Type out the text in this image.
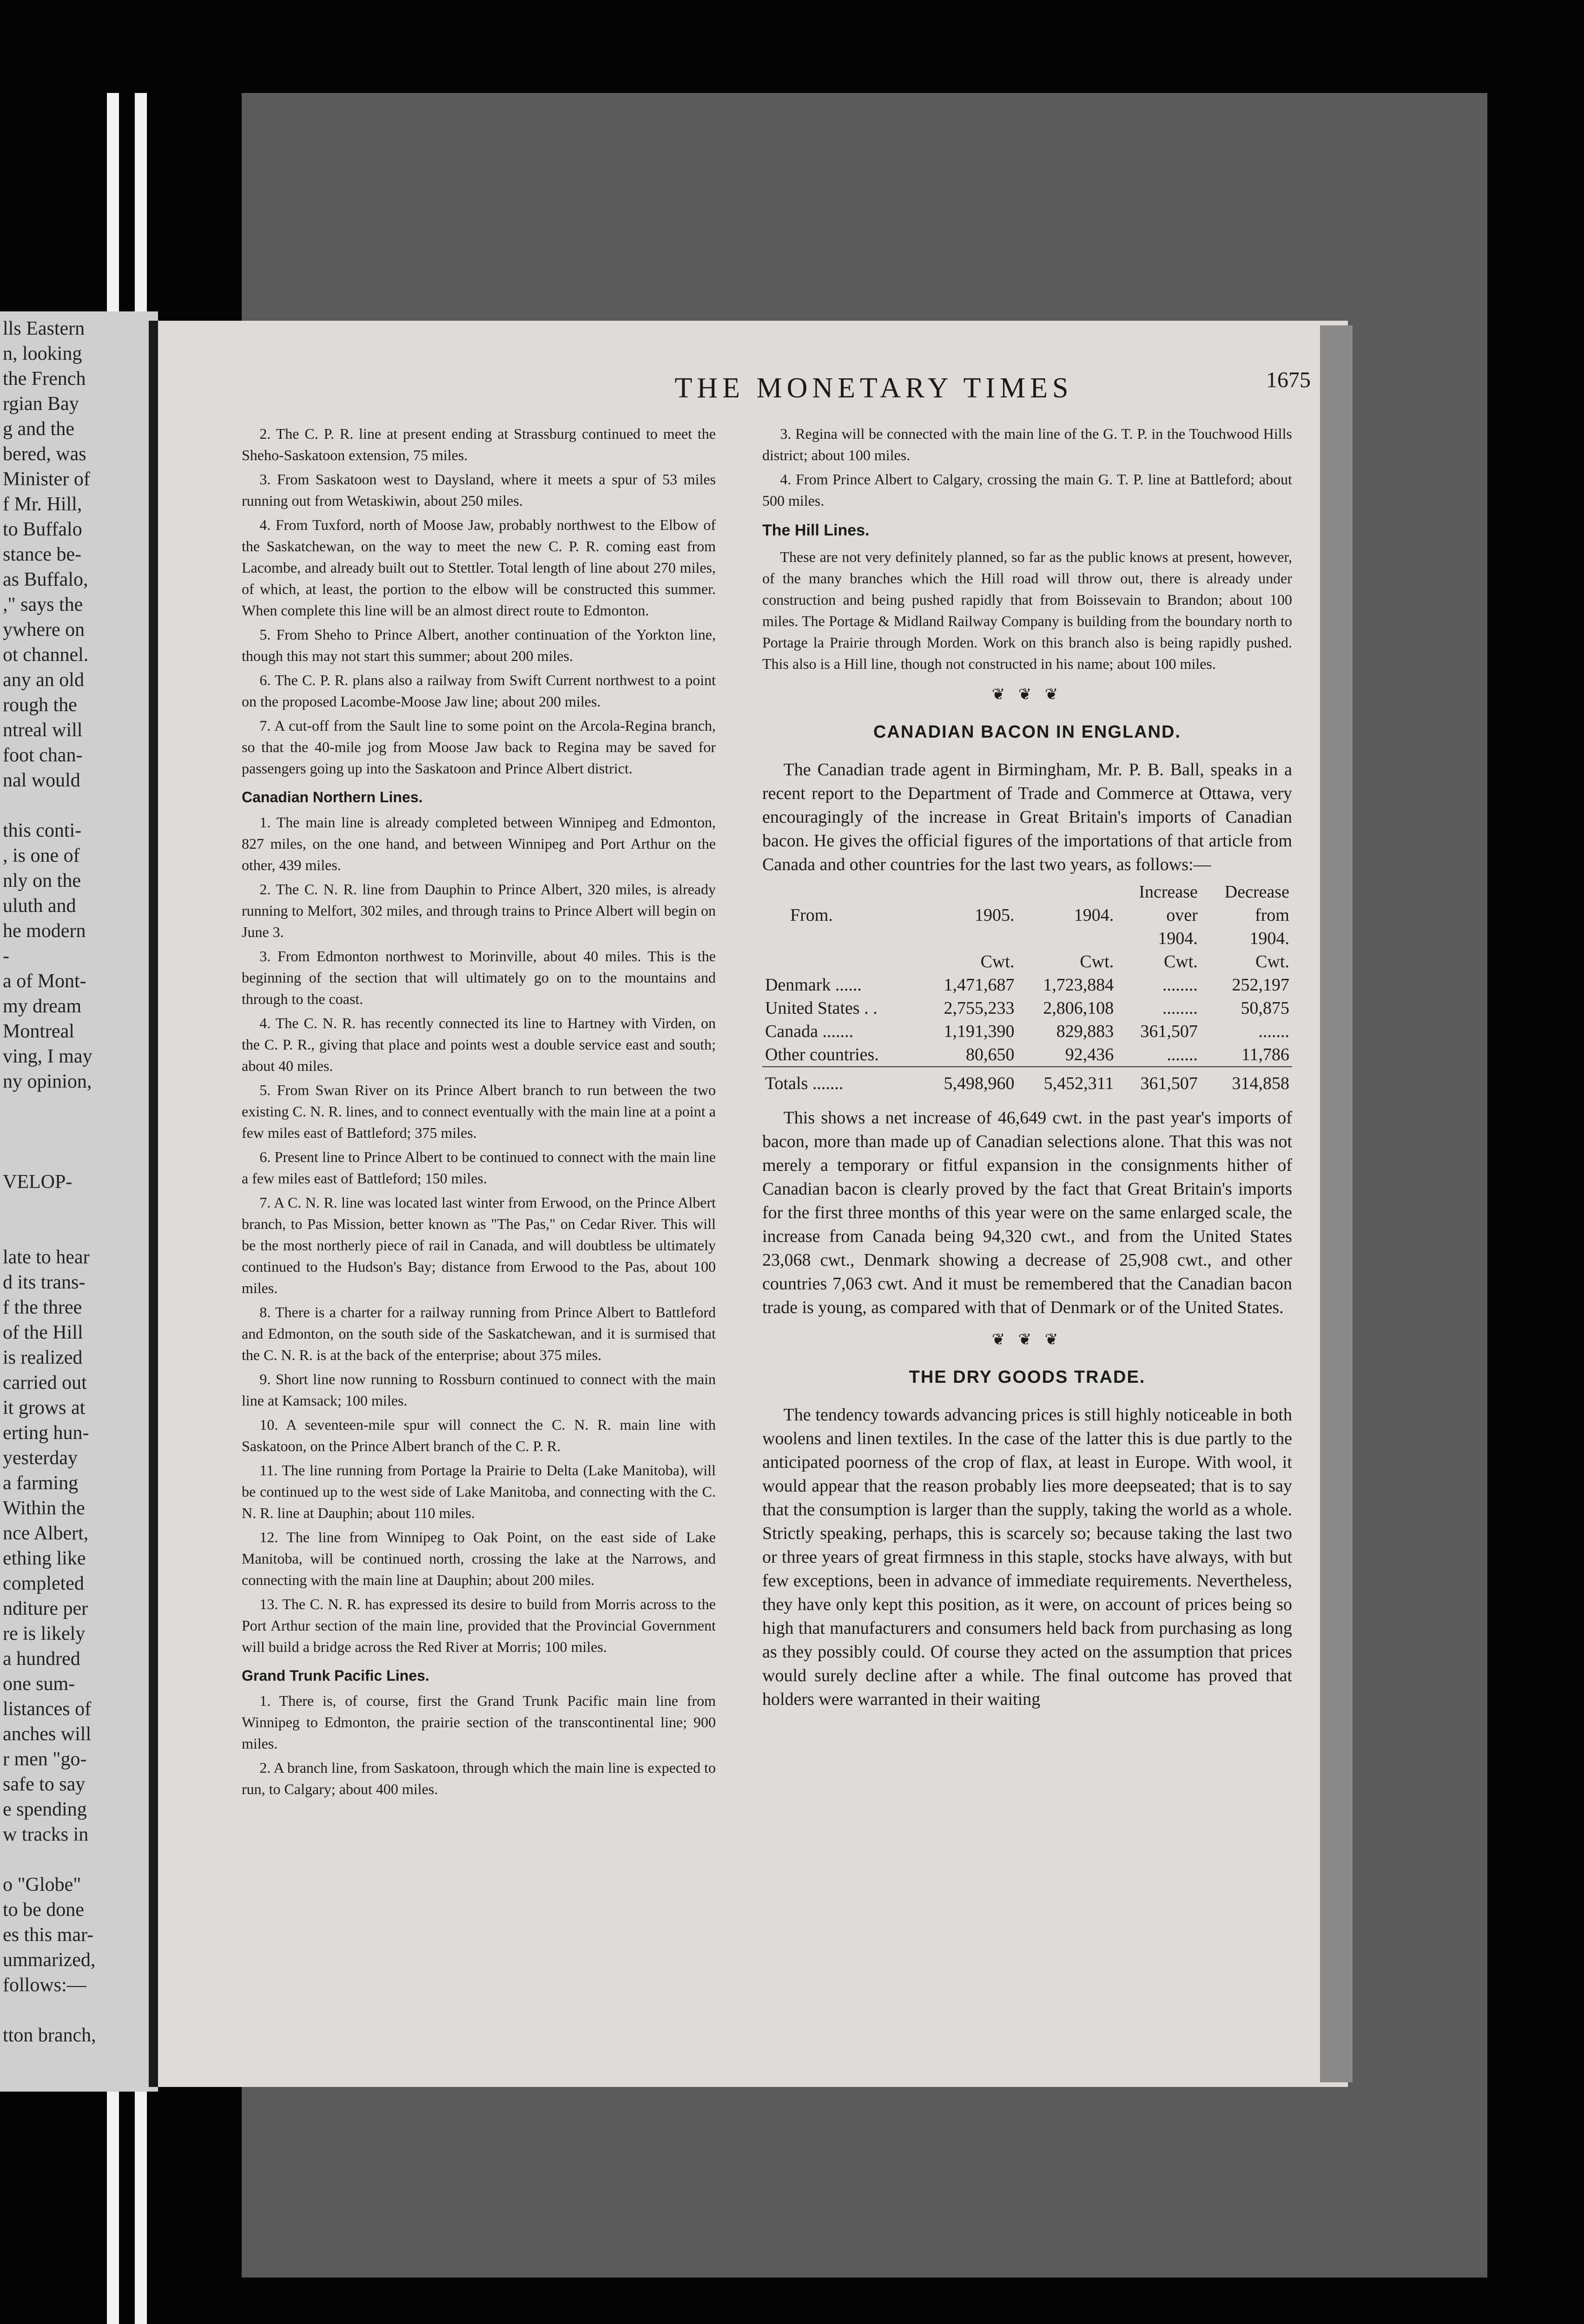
lls Eastern
n, looking
the French
rgian Bay
g and the
bered, was
Minister of
f Mr. Hill,
to Buffalo
stance be-
as Buffalo,
," says the
ywhere on
ot channel.
any an old
rough the
ntreal will
foot chan-
nal would
this conti-
, is one of
nly on the
uluth and
he modern
-
a of Mont-
my dream
Montreal
ving, I may
ny opinion,
VELOP-
late to hear
d its trans-
f the three
of the Hill
is realized
carried out
it grows at
erting hun-
yesterday
a farming
Within the
nce Albert,
ething like
completed
nditure per
re is likely
a hundred
one sum-
listances of
anches will
r men "go-
safe to say
e spending
w tracks in
o "Globe"
to be done
es this mar-
ummarized,
follows:—
tton branch,
THE MONETARY TIMES	1675

2. The C. P. R. line at present ending at Strassburg continued to meet the Sheho-Saskatoon extension, 75 miles.

3. From Saskatoon west to Daysland, where it meets a spur of 53 miles running out from Wetaskiwin, about 250 miles.

4. From Tuxford, north of Moose Jaw, probably northwest to the Elbow of the Saskatchewan, on the way to meet the new C. P. R. coming east from Lacombe, and already built out to Stettler. Total length of line about 270 miles, of which, at least, the portion to the elbow will be constructed this summer. When complete this line will be an almost direct route to Edmonton.

5. From Sheho to Prince Albert, another continuation of the Yorkton line, though this may not start this summer; about 200 miles.

6. The C. P. R. plans also a railway from Swift Current northwest to a point on the proposed Lacombe-Moose Jaw line; about 200 miles.

7. A cut-off from the Sault line to some point on the Arcola-Regina branch, so that the 40-mile jog from Moose Jaw back to Regina may be saved for passengers going up into the Saskatoon and Prince Albert district.

Canadian Northern Lines.

1. The main line is already completed between Winnipeg and Edmonton, 827 miles, on the one hand, and between Winnipeg and Port Arthur on the other, 439 miles.

2. The C. N. R. line from Dauphin to Prince Albert, 320 miles, is already running to Melfort, 302 miles, and through trains to Prince Albert will begin on June 3.

3. From Edmonton northwest to Morinville, about 40 miles. This is the beginning of the section that will ultimately go on to the mountains and through to the coast.

4. The C. N. R. has recently connected its line to Hartney with Virden, on the C. P. R., giving that place and points west a double service east and south; about 40 miles.

5. From Swan River on its Prince Albert branch to run between the two existing C. N. R. lines, and to connect eventually with the main line at a point a few miles east of Battleford; 375 miles.

6. Present line to Prince Albert to be continued to connect with the main line a few miles east of Battleford; 150 miles.

7. A C. N. R. line was located last winter from Erwood, on the Prince Albert branch, to Pas Mission, better known as "The Pas," on Cedar River. This will be the most northerly piece of rail in Canada, and will doubtless be ultimately continued to the Hudson's Bay; distance from Erwood to the Pas, about 100 miles.

8. There is a charter for a railway running from Prince Albert to Battleford and Edmonton, on the south side of the Saskatchewan, and it is surmised that the C. N. R. is at the back of the enterprise; about 375 miles.

9. Short line now running to Rossburn continued to connect with the main line at Kamsack; 100 miles.

10. A seventeen-mile spur will connect the C. N. R. main line with Saskatoon, on the Prince Albert branch of the C. P. R.

11. The line running from Portage la Prairie to Delta (Lake Manitoba), will be continued up to the west side of Lake Manitoba, and connecting with the C. N. R. line at Dauphin; about 110 miles.

12. The line from Winnipeg to Oak Point, on the east side of Lake Manitoba, will be continued north, crossing the lake at the Narrows, and connecting with the main line at Dauphin; about 200 miles.

13. The C. N. R. has expressed its desire to build from Morris across to the Port Arthur section of the main line, provided that the Provincial Government will build a bridge across the Red River at Morris; 100 miles.

Grand Trunk Pacific Lines.

1. There is, of course, first the Grand Trunk Pacific main line from Winnipeg to Edmonton, the prairie section of the transcontinental line; 900 miles.

2. A branch line, from Saskatoon, through which the main line is expected to run, to Calgary; about 400 miles.

3. Regina will be connected with the main line of the G. T. P. in the Touchwood Hills district; about 100 miles.

4. From Prince Albert to Calgary, crossing the main G. T. P. line at Battleford; about 500 miles.

The Hill Lines.

These are not very definitely planned, so far as the public knows at present, however, of the many branches which the Hill road will throw out, there is already under construction and being pushed rapidly that from Boissevain to Brandon; about 100 miles. The Portage & Midland Railway Company is building from the boundary north to Portage la Prairie through Morden. Work on this branch also is being rapidly pushed. This also is a Hill line, though not constructed in his name; about 100 miles.

❦ ❦ ❦
CANADIAN BACON IN ENGLAND.

The Canadian trade agent in Birmingham, Mr. P. B. Ball, speaks in a recent report to the Department of Trade and Commerce at Ottawa, very encouragingly of the increase in Great Britain's imports of Canadian bacon. He gives the official figures of the importations of that article from Canada and other countries for the last two years, as follows:—

			Increase	Decrease
From.	1905.	1904.	over	from
			1904.	1904.
	Cwt.	Cwt.	Cwt.	Cwt.
Denmark ......	1,471,687	1,723,884	........	252,197
United States . .	2,755,233	2,806,108	........	50,875
Canada .......	1,191,390	829,883	361,507	.......
Other countries.	80,650	92,436	.......	11,786
Totals .......	5,498,960	5,452,311	361,507	314,858

This shows a net increase of 46,649 cwt. in the past year's imports of bacon, more than made up of Canadian selections alone. That this was not merely a temporary or fitful expansion in the consignments hither of Canadian bacon is clearly proved by the fact that Great Britain's imports for the first three months of this year were on the same enlarged scale, the increase from Canada being 94,320 cwt., and from the United States 23,068 cwt., Denmark showing a decrease of 25,908 cwt., and other countries 7,063 cwt. And it must be remembered that the Canadian bacon trade is young, as compared with that of Denmark or of the United States.

❦ ❦ ❦
THE DRY GOODS TRADE.

The tendency towards advancing prices is still highly noticeable in both woolens and linen textiles. In the case of the latter this is due partly to the anticipated poorness of the crop of flax, at least in Europe. With wool, it would appear that the reason probably lies more deepseated; that is to say that the consumption is larger than the supply, taking the world as a whole. Strictly speaking, perhaps, this is scarcely so; because taking the last two or three years of great firmness in this staple, stocks have always, with but few exceptions, been in advance of immediate requirements. Nevertheless, they have only kept this position, as it were, on account of prices being so high that manufacturers and consumers held back from purchasing as long as they possibly could. Of course they acted on the assumption that prices would surely decline after a while. The final outcome has proved that holders were warranted in their waiting
